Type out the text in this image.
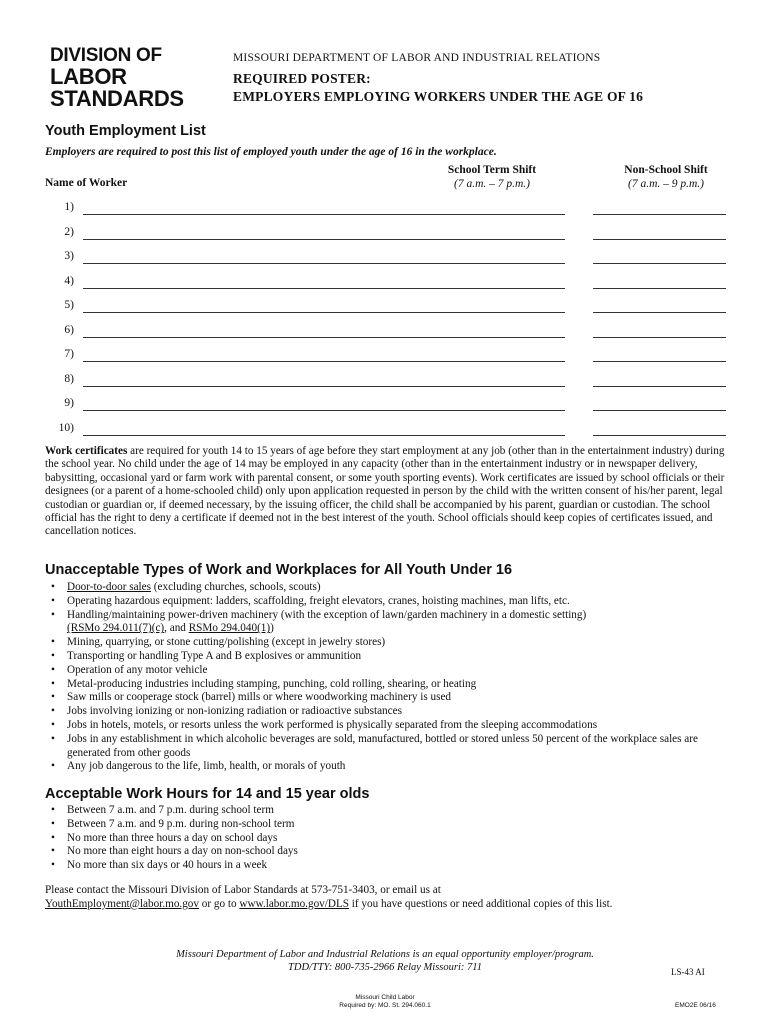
DIVISION OF
LABOR
STANDARDS
MISSOURI DEPARTMENT OF LABOR AND INDUSTRIAL RELATIONS
REQUIRED POSTER:
EMPLOYERS EMPLOYING WORKERS UNDER THE AGE OF 16
Youth Employment List
Employers are required to post this list of employed youth under the age of 16 in the workplace.
Name of Worker
School Term Shift
(7 a.m. – 7 p.m.)
Non-School Shift
(7 a.m. – 9 p.m.)
1)
2)
3)
4)
5)
6)
7)
8)
9)
10)
Work certificates are required for youth 14 to 15 years of age before they start employment at any job (other than in the entertainment industry) during the school year. No child under the age of 14 may be employed in any capacity (other than in the entertainment industry or in newspaper delivery, babysitting, occasional yard or farm work with parental consent, or some youth sporting events). Work certificates are issued by school officials or their designees (or a parent of a home-schooled child) only upon application requested in person by the child with the written consent of his/her parent, legal custodian or guardian or, if deemed necessary, by the issuing officer, the child shall be accompanied by his parent, guardian or custodian. The school official has the right to deny a certificate if deemed not in the best interest of the youth. School officials should keep copies of certificates issued, and cancellation notices.
Unacceptable Types of Work and Workplaces for All Youth Under 16
• Door-to-door sales (excluding churches, schools, scouts)
• Operating hazardous equipment: ladders, scaffolding, freight elevators, cranes, hoisting machines, man lifts, etc.
• Handling/maintaining power-driven machinery (with the exception of lawn/garden machinery in a domestic setting)
(RSMo 294.011(7)(c), and RSMo 294.040(1))
• Mining, quarrying, or stone cutting/polishing (except in jewelry stores)
• Transporting or handling Type A and B explosives or ammunition
• Operation of any motor vehicle
• Metal-producing industries including stamping, punching, cold rolling, shearing, or heating
• Saw mills or cooperage stock (barrel) mills or where woodworking machinery is used
• Jobs involving ionizing or non-ionizing radiation or radioactive substances
• Jobs in hotels, motels, or resorts unless the work performed is physically separated from the sleeping accommodations
• Jobs in any establishment in which alcoholic beverages are sold, manufactured, bottled or stored unless 50 percent of the workplace sales are generated from other goods
• Any job dangerous to the life, limb, health, or morals of youth
Acceptable Work Hours for 14 and 15 year olds
• Between 7 a.m. and 7 p.m. during school term
• Between 7 a.m. and 9 p.m. during non-school term
• No more than three hours a day on school days
• No more than eight hours a day on non-school days
• No more than six days or 40 hours in a week
Please contact the Missouri Division of Labor Standards at 573-751-3403, or email us at
YouthEmployment@labor.mo.gov or go to www.labor.mo.gov/DLS if you have questions or need additional copies of this list.
Missouri Department of Labor and Industrial Relations is an equal opportunity employer/program.
TDD/TTY: 800-735-2966 Relay Missouri: 711	LS-43 AI
Missouri Child Labor
Required by: MO. St. 294.060.1	EMO2E 06/16
